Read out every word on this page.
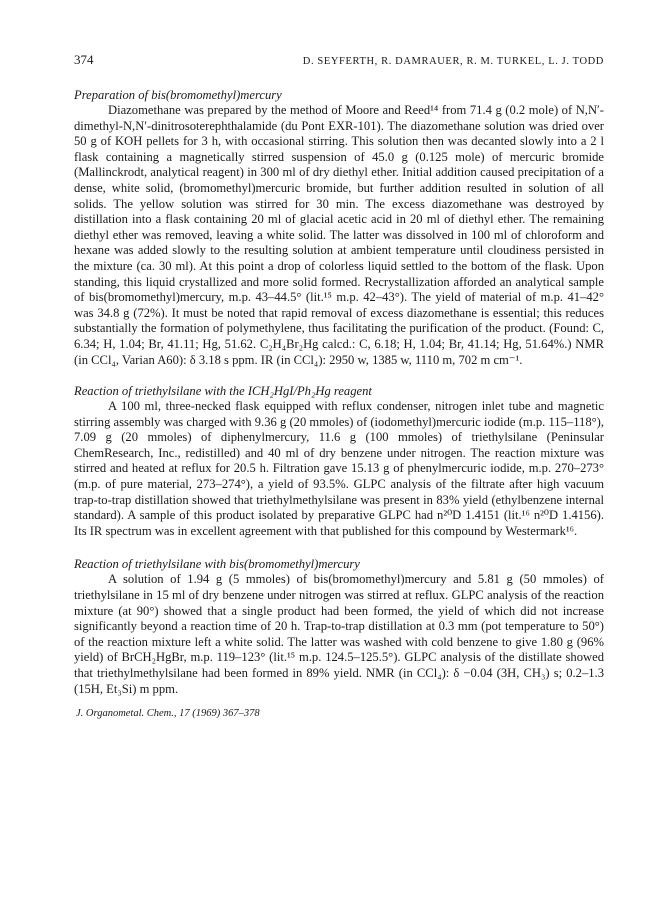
374	D. SEYFERTH, R. DAMRAUER, R. M. TURKEL, L. J. TODD
Preparation of bis(bromomethyl)mercury

Diazomethane was prepared by the method of Moore and Reed¹⁴ from 71.4 g (0.2 mole) of N,N′-dimethyl-N,N′-dinitrosoterephthalamide (du Pont EXR-101). The diazomethane solution was dried over 50 g of KOH pellets for 3 h, with occasional stirring. This solution then was decanted slowly into a 2 l flask containing a magnetically stirred suspension of 45.0 g (0.125 mole) of mercuric bromide (Mallinckrodt, analytical reagent) in 300 ml of dry diethyl ether. Initial addition caused precipitation of a dense, white solid, (bromomethyl)mercuric bromide, but further addition resulted in solution of all solids. The yellow solution was stirred for 30 min. The excess diazomethane was destroyed by distillation into a flask containing 20 ml of glacial acetic acid in 20 ml of diethyl ether. The remaining diethyl ether was removed, leaving a white solid. The latter was dissolved in 100 ml of chloroform and hexane was added slowly to the resulting solution at ambient temperature until cloudiness persisted in the mixture (ca. 30 ml). At this point a drop of colorless liquid settled to the bottom of the flask. Upon standing, this liquid crystallized and more solid formed. Recrystallization afforded an analytical sample of bis(bromomethyl)mercury, m.p. 43–44.5° (lit.¹⁵ m.p. 42–43°). The yield of material of m.p. 41–42° was 34.8 g (72%). It must be noted that rapid removal of excess diazomethane is essential; this reduces substantially the formation of polymethylene, thus facilitating the purification of the product. (Found: C, 6.34; H, 1.04; Br, 41.11; Hg, 51.62. C₂H₄Br₂Hg calcd.: C, 6.18; H, 1.04; Br, 41.14; Hg, 51.64%.) NMR (in CCl₄, Varian A60): δ 3.18 s ppm. IR (in CCl₄): 2950 w, 1385 w, 1110 m, 702 m cm⁻¹.

Reaction of triethylsilane with the ICH₂HgI/Ph₂Hg reagent

A 100 ml, three-necked flask equipped with reflux condenser, nitrogen inlet tube and magnetic stirring assembly was charged with 9.36 g (20 mmoles) of (iodomethyl)mercuric iodide (m.p. 115–118°), 7.09 g (20 mmoles) of diphenylmercury, 11.6 g (100 mmoles) of triethylsilane (Peninsular ChemResearch, Inc., redistilled) and 40 ml of dry benzene under nitrogen. The reaction mixture was stirred and heated at reflux for 20.5 h. Filtration gave 15.13 g of phenylmercuric iodide, m.p. 270–273° (m.p. of pure material, 273–274°), a yield of 93.5%. GLPC analysis of the filtrate after high vacuum trap-to-trap distillation showed that triethylmethylsilane was present in 83% yield (ethylbenzene internal standard). A sample of this product isolated by preparative GLPC had n²⁰D 1.4151 (lit.¹⁶ n²⁰D 1.4156). Its IR spectrum was in excellent agreement with that published for this compound by Westermark¹⁶.

Reaction of triethylsilane with bis(bromomethyl)mercury

A solution of 1.94 g (5 mmoles) of bis(bromomethyl)mercury and 5.81 g (50 mmoles) of triethylsilane in 15 ml of dry benzene under nitrogen was stirred at reflux. GLPC analysis of the reaction mixture (at 90°) showed that a single product had been formed, the yield of which did not increase significantly beyond a reaction time of 20 h. Trap-to-trap distillation at 0.3 mm (pot temperature to 50°) of the reaction mixture left a white solid. The latter was washed with cold benzene to give 1.80 g (96% yield) of BrCH₂HgBr, m.p. 119–123° (lit.¹⁵ m.p. 124.5–125.5°). GLPC analysis of the distillate showed that triethylmethylsilane had been formed in 89% yield. NMR (in CCl₄): δ −0.04 (3H, CH₃) s; 0.2–1.3 (15H, Et₃Si) m ppm.

J. Organometal. Chem., 17 (1969) 367–378
